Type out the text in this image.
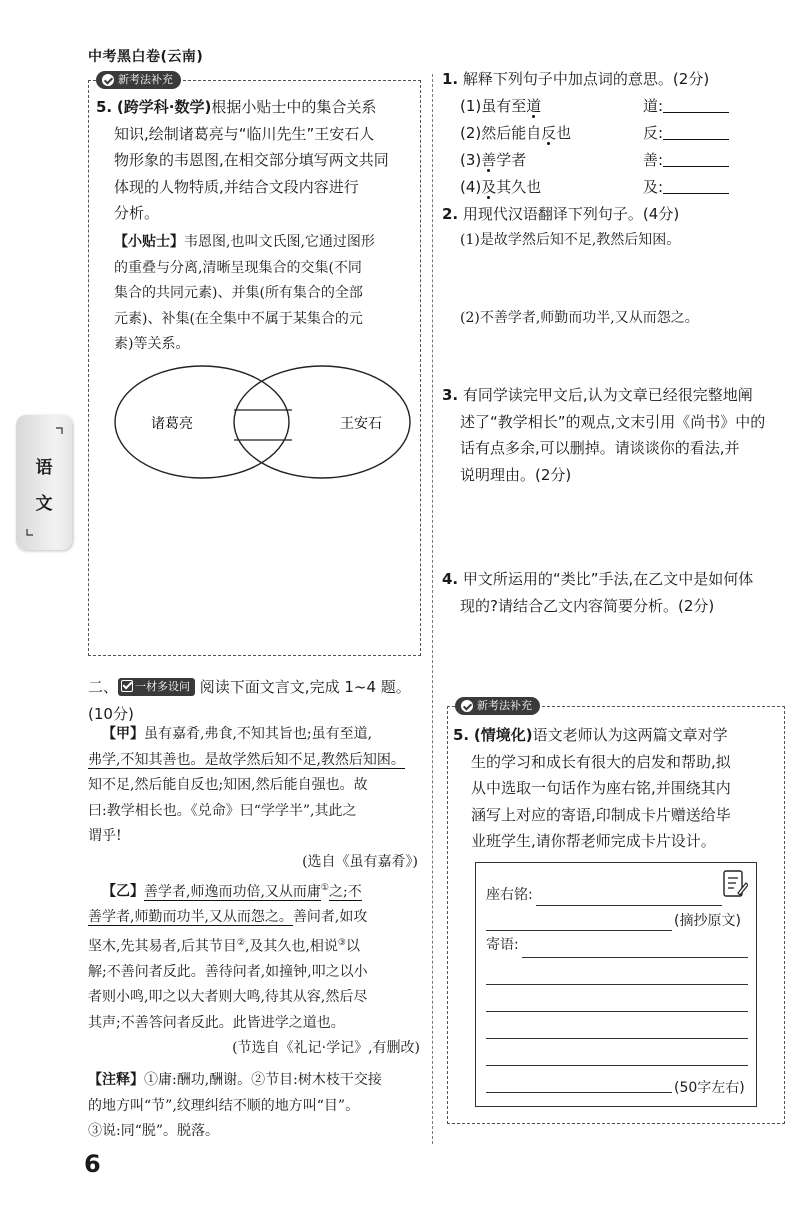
中考黑白卷(云南)
语
文
新考法补充
5. (跨学科·数学)根据小贴士中的集合关系
知识,绘制诸葛亮与“临川先生”王安石人
物形象的韦恩图,在相交部分填写两文共同
体现的人物特质,并结合文段内容进行
分析。
【小贴士】韦恩图,也叫文氏图,它通过图形
的重叠与分离,清晰呈现集合的交集(不同
集合的共同元素)、并集(所有集合的全部
元素)、补集(在全集中不属于某集合的元
素)等关系。
诸葛亮	王安石
二、 一材多设问 阅读下面文言文,完成 1~4 题。
(10分)
【甲】虽有嘉肴,弗食,不知其旨也;虽有至道,
弗学,不知其善也。是故学然后知不足,教然后知困。
知不足,然后能自反也;知困,然后能自强也。故
曰:教学相长也。《兑命》曰“学学半”,其此之
谓乎!
(选自《虽有嘉肴》)
【乙】善学者,师逸而功倍,又从而庸①之;不
善学者,师勤而功半,又从而怨之。善问者,如攻
坚木,先其易者,后其节目②,及其久也,相说③以
解;不善问者反此。善待问者,如撞钟,叩之以小
者则小鸣,叩之以大者则大鸣,待其从容,然后尽
其声;不善答问者反此。此皆进学之道也。
(节选自《礼记·学记》,有删改)
【注释】①庸:酬功,酬谢。②节目:树木枝干交接
的地方叫“节”,纹理纠结不顺的地方叫“目”。
③说:同“脱”。脱落。
1. 解释下列句子中加点词的意思。(2分)
(1)虽有至道	道:
(2)然后能自反也	反:
(3)善学者	善:
(4)及其久也	及:
2. 用现代汉语翻译下列句子。(4分)
(1)是故学然后知不足,教然后知困。
(2)不善学者,师勤而功半,又从而怨之。
3. 有同学读完甲文后,认为文章已经很完整地阐
述了“教学相长”的观点,文末引用《尚书》中的
话有点多余,可以删掉。请谈谈你的看法,并
说明理由。(2分)
4. 甲文所运用的“类比”手法,在乙文中是如何体
现的?请结合乙文内容简要分析。(2分)
新考法补充
5. (情境化)语文老师认为这两篇文章对学
生的学习和成长有很大的启发和帮助,拟
从中选取一句话作为座右铭,并围绕其内
涵写上对应的寄语,印制成卡片赠送给毕
业班学生,请你帮老师完成卡片设计。
座右铭:
(摘抄原文)
寄语:
(50字左右)
6
